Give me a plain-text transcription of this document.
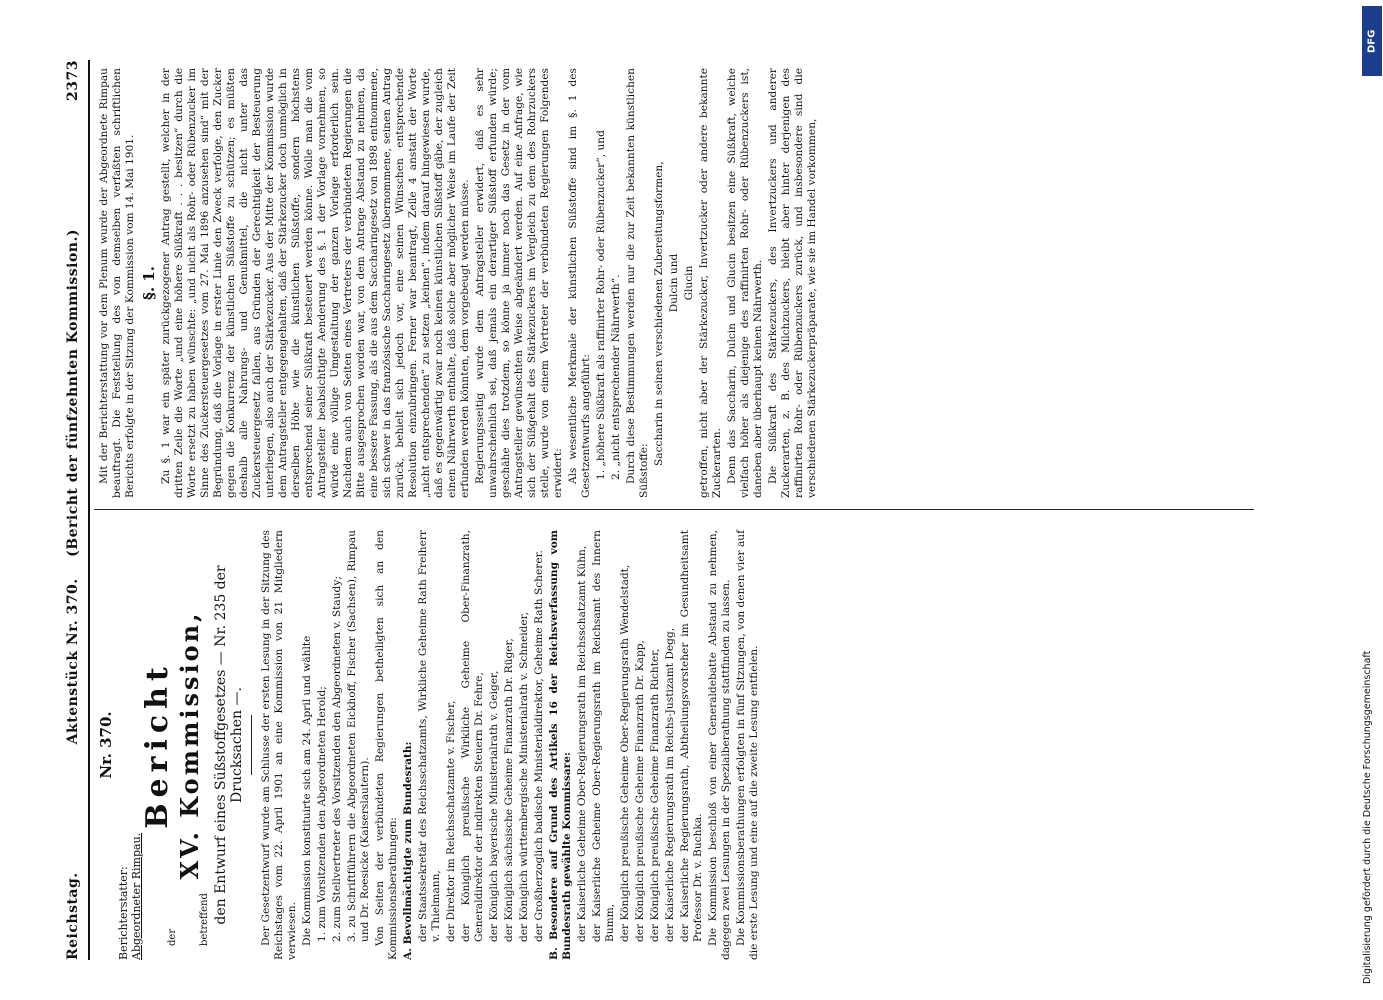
Reichstag.
Aktenstück Nr. 370.    (Bericht der fünfzehnten Kommission.)
2373
Nr. 370.
Berichterstatter: Abgeordneter Rimpau.
Bericht

der

XV. Kommission,

betreffend den Entwurf eines Süßstoffgesetzes — Nr. 235 der Drucksachen —. Der Gesetzentwurf wurde am Schlusse der ersten Lesung in der Sitzung des Reichstages vom 22. April 1901 an eine Kommission von 21 Mitgliedern verwiesen. Die Kommission konstituirte sich am 24. April und wählte 1. zum Vorsitzenden den Abgeordneten Herold; 2. zum Stellvertreter des Vorsitzenden den Abgeordneten v. Staudy; 3. zu Schriftführern die Abgeordneten Eickhoff, Fischer (Sachsen), Rimpau und Dr. Roesicke (Kaiserslautern). Von Seiten der verbündeten Regierungen betheiligten sich an den Kommissionsberathungen: A. Bevollmächtigte zum Bundesrath: der Staatssekretär des Reichsschatzamts, Wirkliche Geheime Rath Freiherr v. Thielmann, der Direktor im Reichsschatzamte v. Fischer, der Königlich preußische Wirkliche Geheime Ober-Finanzrath, Generaldirektor der indirekten Steuern Dr. Fehre, der Königlich bayerische Ministerialrath v. Geiger, der Königlich sächsische Geheime Finanzrath Dr. Rüger, der Königlich württembergische Ministerialrath v. Schneider, der Großherzoglich badische Ministerialdirektor, Geheime Rath Scherer. B. Besondere auf Grund des Artikels 16 der Reichsverfassung vom Bundesrath gewählte Kommissare: der Kaiserliche Geheime Ober-Regierungsrath im Reichsschatzamt Kühn, der Kaiserliche Geheime Ober-Regierungsrath im Reichsamt des Innern Bumm, der Königlich preußische Geheime Ober-Regierungsrath Wendelstadt, der Königlich preußische Geheime Finanzrath Dr. Kapp, der Königlich preußische Geheime Finanzrath Richter, der Kaiserliche Regierungsrath im Reichs-Justizamt Degg, der Kaiserliche Regierungsrath, Abtheilungsvorsteher im Gesundheitsamt Professor Dr. v. Buchka. Die Kommission beschloß von einer Generaldebatte Abstand zu nehmen, dagegen zwei Lesungen in der Spezialberathung stattfinden zu lassen. Die Kommissionsberathungen erfolgten in fünf Sitzungen, von denen vier auf die erste Lesung und eine auf die zweite Lesung entfielen.

Mit der Berichterstattung vor dem Plenum wurde der Abgeordnete Rimpau beauftragt. Die Feststellung des von demselben verfaßten schriftlichen Berichts erfolgte in der Sitzung der Kommission vom 14. Mai 1901. §. 1. Zu §. 1 war ein später zurückgezogener Antrag gestellt, welcher in der dritten Zeile die Worte „und eine höhere Süßkraft . . . besitzen“ durch die Worte ersetzt zu haben wünschte: „und nicht als Rohr- oder Rübenzucker im Sinne des Zuckersteuergesetzes vom 27. Mai 1896 anzusehen sind“ mit der Begründung, daß die Vorlage in erster Linie den Zweck verfolge, den Zucker gegen die Konkurrenz der künstlichen Süßstoffe zu schützen; es müßten deshalb alle Nahrungs- und Genußmittel, die nicht unter das Zuckersteuergesetz fallen, aus Gründen der Gerechtigkeit der Besteuerung unterliegen, also auch der Stärkezucker. Aus der Mitte der Kommission wurde dem Antragsteller entgegengehalten, daß der Stärkezucker doch unmöglich in derselben Höhe wie die künstlichen Süßstoffe, sondern höchstens entsprechend seiner Süßkraft besteuert werden könne. Wolle man die vom Antragsteller beabsichtigte Aenderung des §. 1 der Vorlage vornehmen, so würde eine völlige Umgestaltung der ganzen Vorlage erforderlich sein. Nachdem auch von Seiten eines Vertreters der verbündeten Regierungen die Bitte ausgesprochen worden war, von dem Antrage Abstand zu nehmen, da eine bessere Fassung, als die aus dem Saccharingesetz von 1898 entnommene, sich schwer in das französische Saccharingesetz übernommene, seinen Antrag zurück, behielt sich jedoch vor, eine seinen Wünschen entsprechende Resolution einzubringen. Ferner war beantragt, Zeile 4 anstatt der Worte „nicht entsprechenden“ zu setzen „keinen“, indem darauf hingewiesen wurde, daß es gegenwärtig zwar noch keinen künstlichen Süßstoff gäbe, der zugleich einen Nährwerth enthalte, daß solche aber möglicher Weise im Laufe der Zeit erfunden werden könnten, dem vorgebeugt werden müsse. Regierungsseitig wurde dem Antragsteller erwidert, daß es sehr unwahrscheinlich sei, daß jemals ein derartiger Süßstoff erfunden würde; geschähe dies trotzdem, so könne ja immer noch das Gesetz in der vom Antragsteller gewünschten Weise abgeändert werden. Auf eine Anfrage, wie sich der Süßgehalt des Stärkezuckers im Vergleich zu dem des Rohrzuckers stelle, wurde von einem Vertreter der verbündeten Regierungen Folgendes erwidert: Als wesentliche Merkmale der künstlichen Süßstoffe sind im §. 1 des Gesetzentwurfs angeführt: 1. „höhere Süßkraft als raffinirter Rohr- oder Rübenzucker“, und 2. „nicht entsprechender Nährwerth“. Durch diese Bestimmungen werden nur die zur Zeit bekannten künstlichen Süßstoffe:

Saccharin in seinen verschiedenen Zubereitungsformen, Dulcin und Glucin getroffen, nicht aber der Stärkezucker, Invertzucker oder andere bekannte Zuckerarten. Denn das Saccharin, Dulcin und Glucin besitzen eine Süßkraft, welche vielfach höher als diejenige des raffinirten Rohr- oder Rübenzuckers ist, daneben aber überhaupt keinen Nährwerth. Die Süßkraft des Stärkezuckers, des Invertzuckers und anderer Zuckerarten, z. B. des Milchzuckers, bleibt aber hinter derjenigen des raffinirten Rohr- oder Rübenzuckers zurück, und insbesondere sind die verschiedenen Stärkezuckerpräparate, wie sie im Handel vorkommen,

DFG
Digitalisierung gefördert durch die Deutsche Forschungsgemeinschaft
